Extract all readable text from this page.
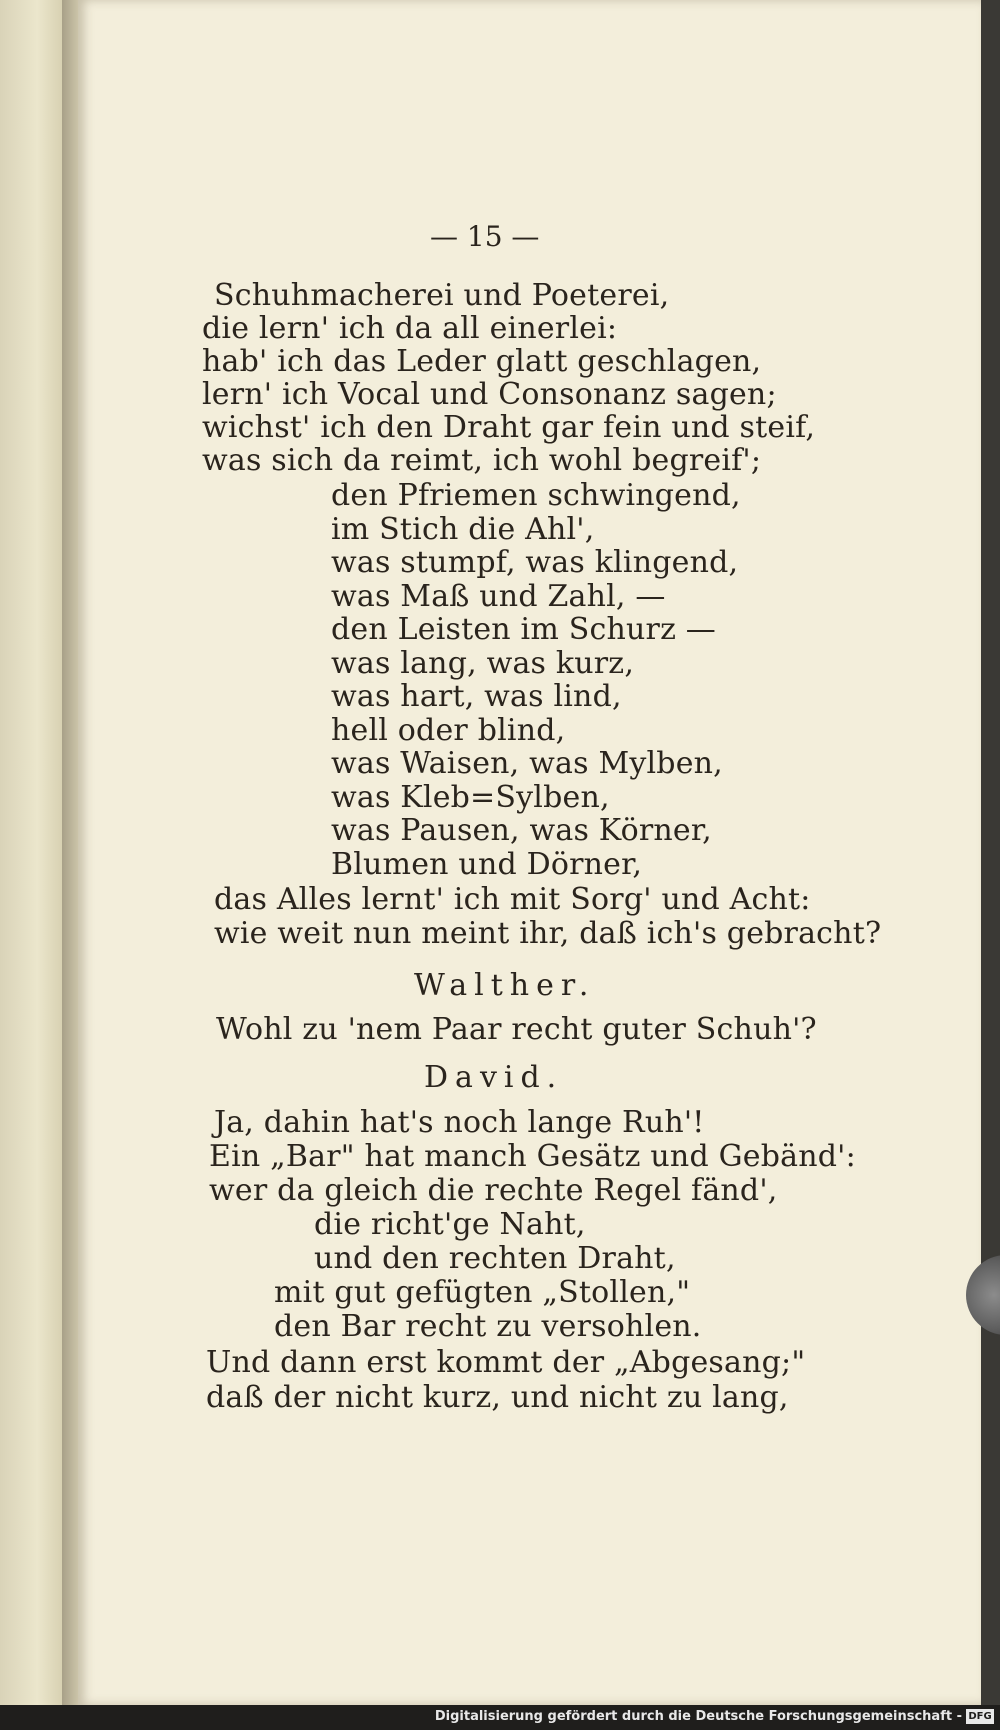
— 15 —
Schuhmacherei und Poeterei,
die lern' ich da all einerlei:
hab' ich das Leder glatt geschlagen,
lern' ich Vocal und Consonanz sagen;
wichst' ich den Draht gar fein und steif,
was sich da reimt, ich wohl begreif';
den Pfriemen schwingend,
im Stich die Ahl',
was stumpf, was klingend,
was Maß und Zahl, —
den Leisten im Schurz —
was lang, was kurz,
was hart, was lind,
hell oder blind,
was Waisen, was Mylben,
was Kleb=Sylben,
was Pausen, was Körner,
Blumen und Dörner,
das Alles lernt' ich mit Sorg' und Acht:
wie weit nun meint ihr, daß ich's gebracht?
Walther.
Wohl zu 'nem Paar recht guter Schuh'?
David.
Ja, dahin hat's noch lange Ruh'!
Ein „Bar" hat manch Gesätz und Gebänd':
wer da gleich die rechte Regel fänd',
die richt'ge Naht,
und den rechten Draht,
mit gut gefügten „Stollen,"
den Bar recht zu versohlen.
Und dann erst kommt der „Abgesang;"
daß der nicht kurz, und nicht zu lang,
Digitalisierung gefördert durch die Deutsche Forschungsgemeinschaft - DFG
